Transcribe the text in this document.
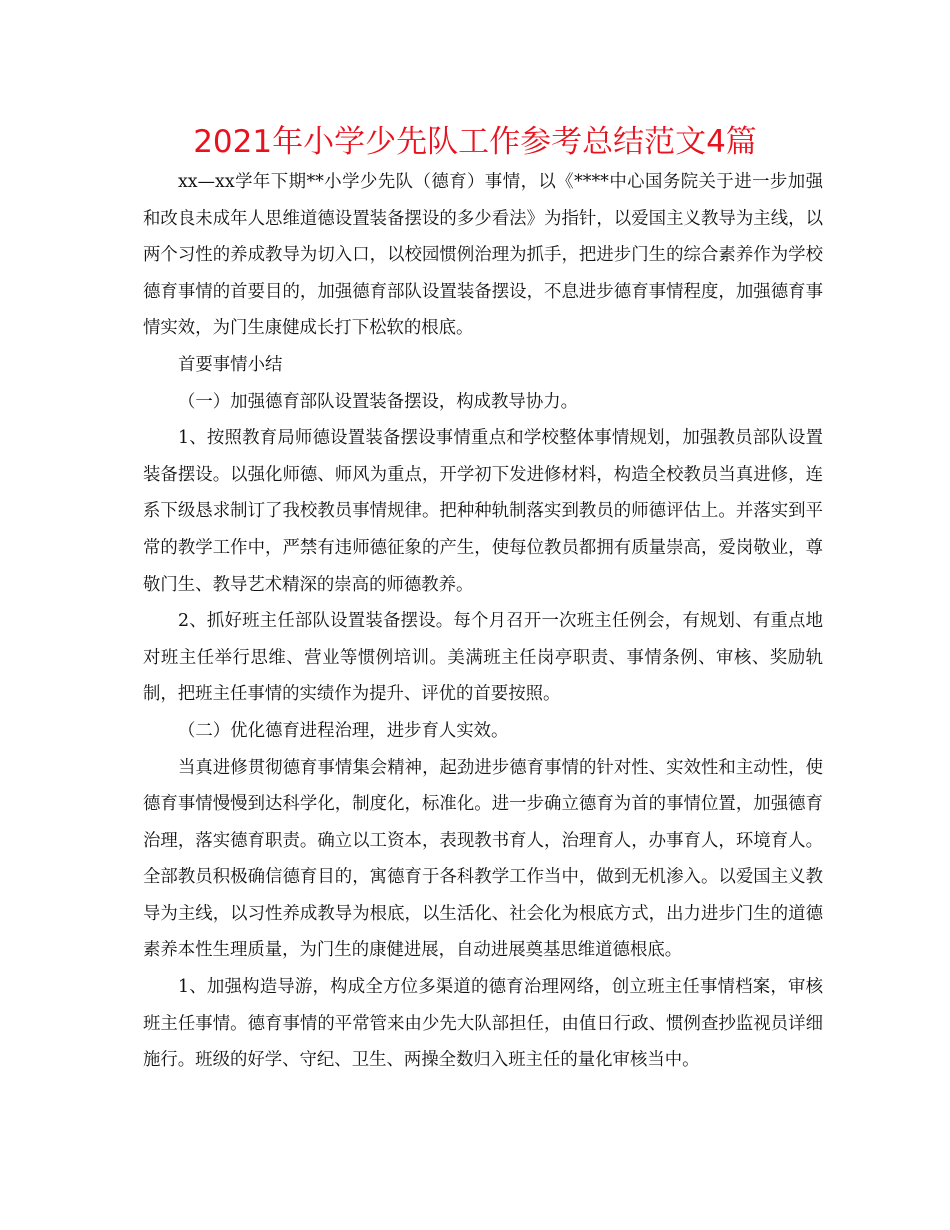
2021年小学少先队工作参考总结范文4篇

xx—xx学年下期**小学少先队（德育）事情，以《****中心国务院关于进一步加强和改良未成年人思维道德设置装备摆设的多少看法》为指针，以爱国主义教导为主线，以两个习性的养成教导为切入口，以校园惯例治理为抓手，把进步门生的综合素养作为学校德育事情的首要目的，加强德育部队设置装备摆设，不息进步德育事情程度，加强德育事情实效，为门生康健成长打下松软的根底。

首要事情小结

（一）加强德育部队设置装备摆设，构成教导协力。

1、按照教育局师德设置装备摆设事情重点和学校整体事情规划，加强教员部队设置装备摆设。以强化师德、师风为重点，开学初下发进修材料，构造全校教员当真进修，连系下级恳求制订了我校教员事情规律。把种种轨制落实到教员的师德评估上。并落实到平常的教学工作中，严禁有违师德征象的产生，使每位教员都拥有质量崇高，爱岗敬业，尊敬门生、教导艺术精深的崇高的师德教养。

2、抓好班主任部队设置装备摆设。每个月召开一次班主任例会，有规划、有重点地对班主任举行思维、营业等惯例培训。美满班主任岗亭职责、事情条例、审核、奖励轨制，把班主任事情的实绩作为提升、评优的首要按照。

（二）优化德育进程治理，进步育人实效。

当真进修贯彻德育事情集会精神，起劲进步德育事情的针对性、实效性和主动性，使德育事情慢慢到达科学化，制度化，标准化。进一步确立德育为首的事情位置，加强德育治理，落实德育职责。确立以工资本，表现教书育人，治理育人，办事育人，环境育人。全部教员积极确信德育目的，寓德育于各科教学工作当中，做到无机渗入。以爱国主义教导为主线，以习性养成教导为根底，以生活化、社会化为根底方式，出力进步门生的道德素养本性生理质量，为门生的康健进展，自动进展奠基思维道德根底。

1、加强构造导游，构成全方位多渠道的德育治理网络，创立班主任事情档案，审核班主任事情。德育事情的平常管来由少先大队部担任，由值日行政、惯例查抄监视员详细施行。班级的好学、守纪、卫生、两操全数归入班主任的量化审核当中。
